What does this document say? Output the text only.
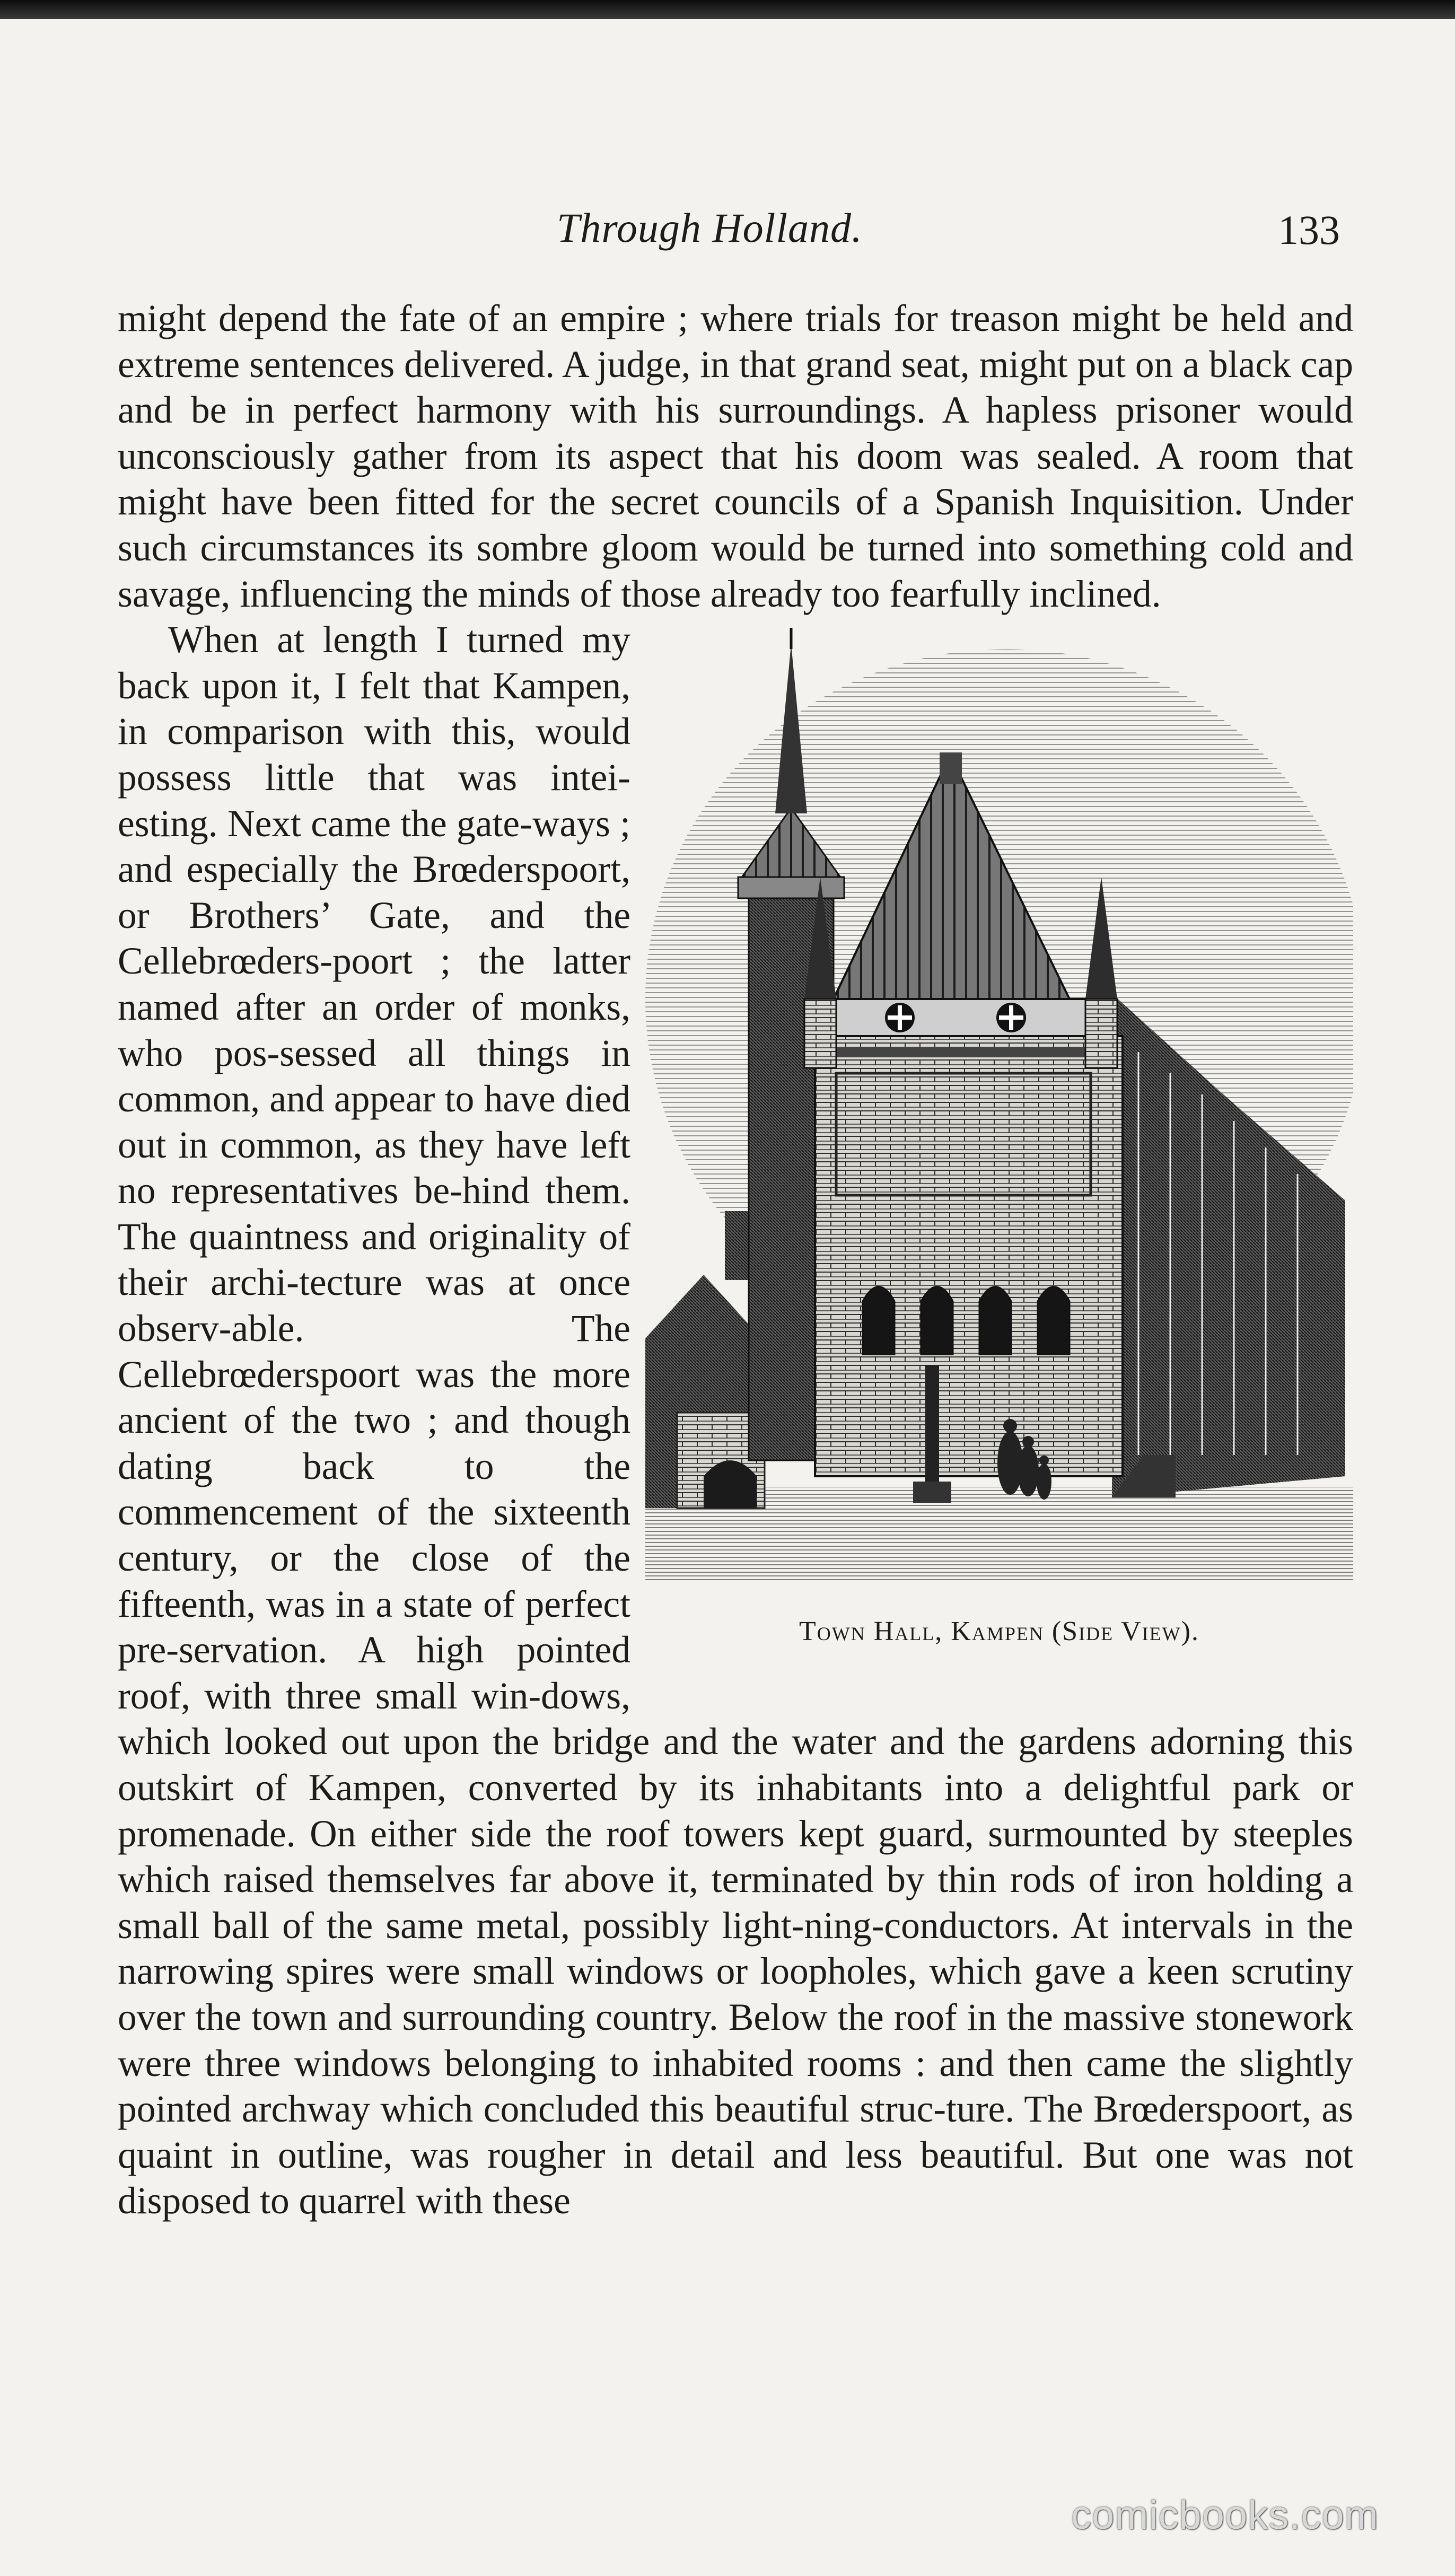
Through Holland.	133

might depend the fate of an empire ; where trials for treason might be held and extreme sentences delivered. A judge, in that grand seat, might put on a black cap and be in perfect harmony with his surroundings. A hapless prisoner would unconsciously gather from its aspect that his doom was sealed. A room that might have been fitted for the secret councils of a Spanish Inquisition. Under such circumstances its sombre gloom would be turned into something cold and savage, influencing the minds of those already too fearfully inclined.

Town Hall, Kampen (Side View).

When at length I turned my back upon it, I felt that Kampen, in comparison with this, would possess little that was intei-esting. Next came the gate-ways ; and especially the Brœderspoort, or Brothers’ Gate, and the Cellebrœders-poort ; the latter named after an order of monks, who pos-sessed all things in common, and appear to have died out in common, as they have left no representatives be-hind them. The quaintness and originality of their archi-tecture was at once observ-able. The Cellebrœderspoort was the more ancient of the two ; and though dating back to the commencement of the sixteenth century, or the close of the fifteenth, was in a state of perfect pre-servation. A high pointed roof, with three small win-dows, which looked out upon the bridge and the water and the gardens adorning this outskirt of Kampen, converted by its inhabitants into a delightful park or promenade. On either side the roof towers kept guard, surmounted by steeples which raised themselves far above it, terminated by thin rods of iron holding a small ball of the same metal, possibly light-ning-conductors. At intervals in the narrowing spires were small windows or loopholes, which gave a keen scrutiny over the town and surrounding country. Below the roof in the massive stonework were three windows belonging to inhabited rooms : and then came the slightly pointed archway which concluded this beautiful struc-ture. The Brœderspoort, as quaint in outline, was rougher in detail and less beautiful. But one was not disposed to quarrel with these

comicbooks.com
